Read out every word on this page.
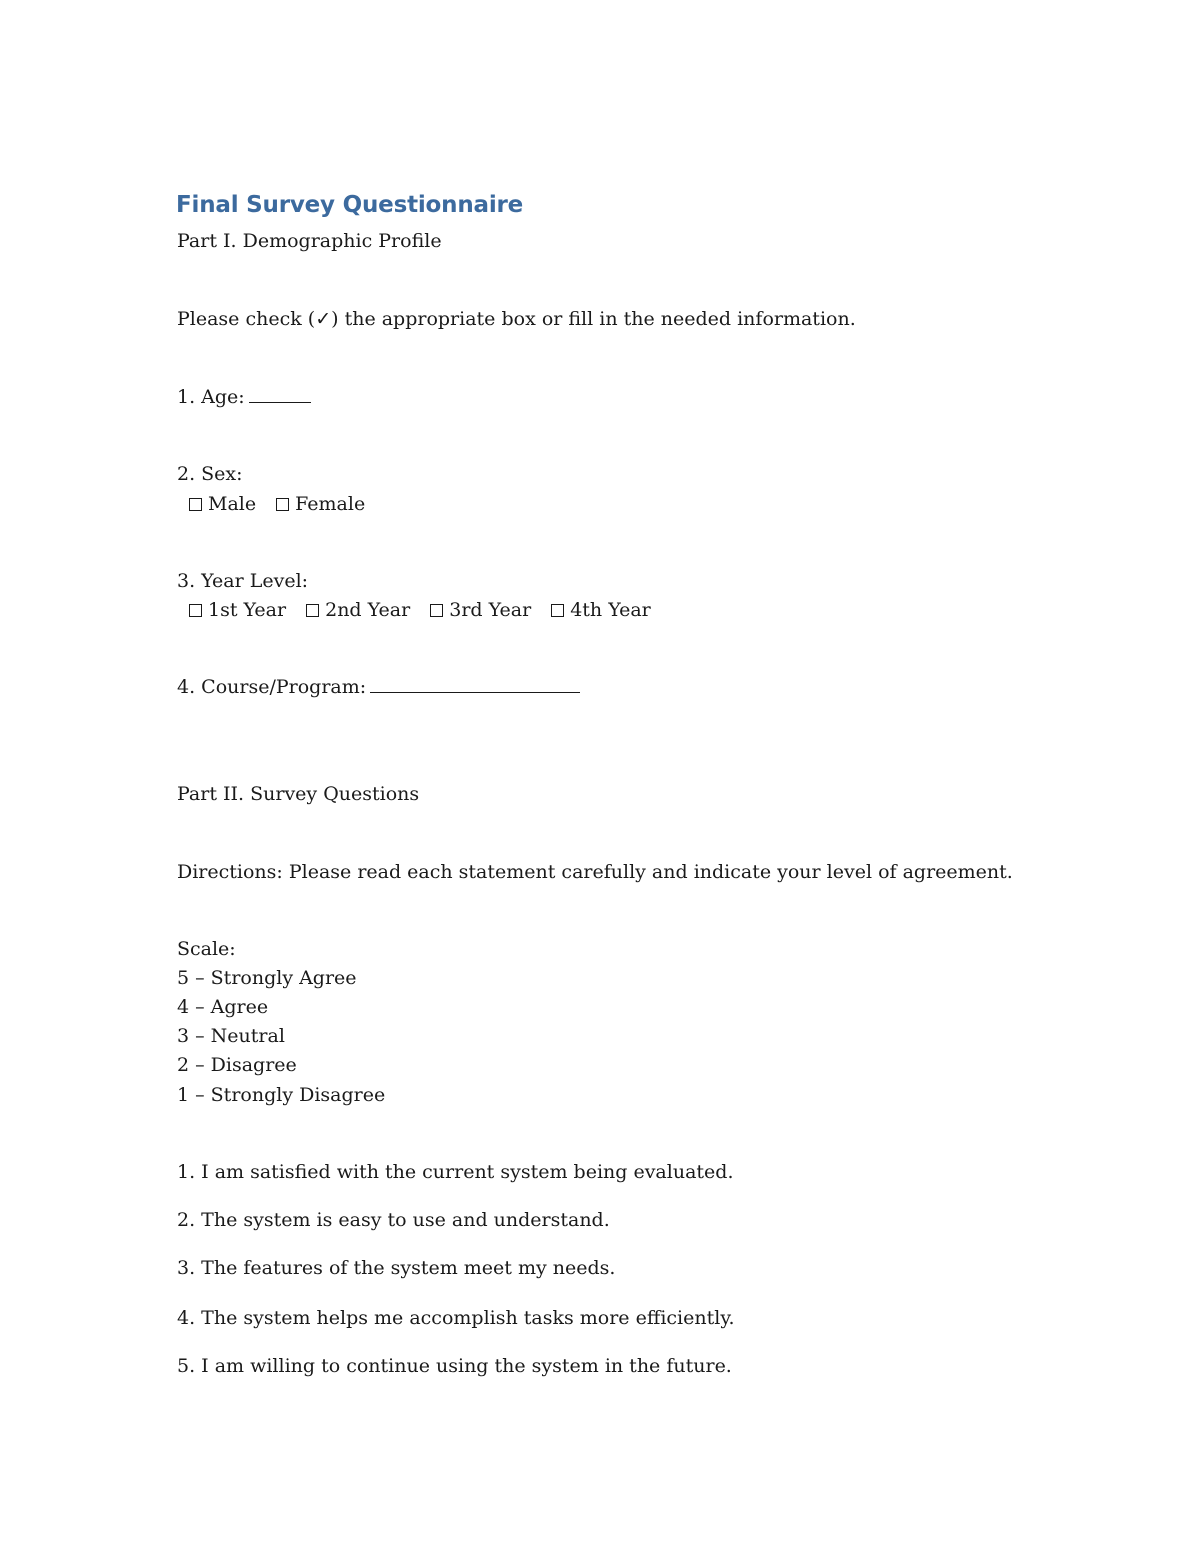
Final Survey Questionnaire
Part I. Demographic Profile
Please check (✓) the appropriate box or fill in the needed information.
1. Age:
2. Sex:
Male Female
3. Year Level:
1st Year 2nd Year 3rd Year 4th Year
4. Course/Program:
Part II. Survey Questions
Directions: Please read each statement carefully and indicate your level of agreement.
Scale:
5 – Strongly Agree
4 – Agree
3 – Neutral
2 – Disagree
1 – Strongly Disagree
1. I am satisfied with the current system being evaluated.
2. The system is easy to use and understand.
3. The features of the system meet my needs.
4. The system helps me accomplish tasks more efficiently.
5. I am willing to continue using the system in the future.
